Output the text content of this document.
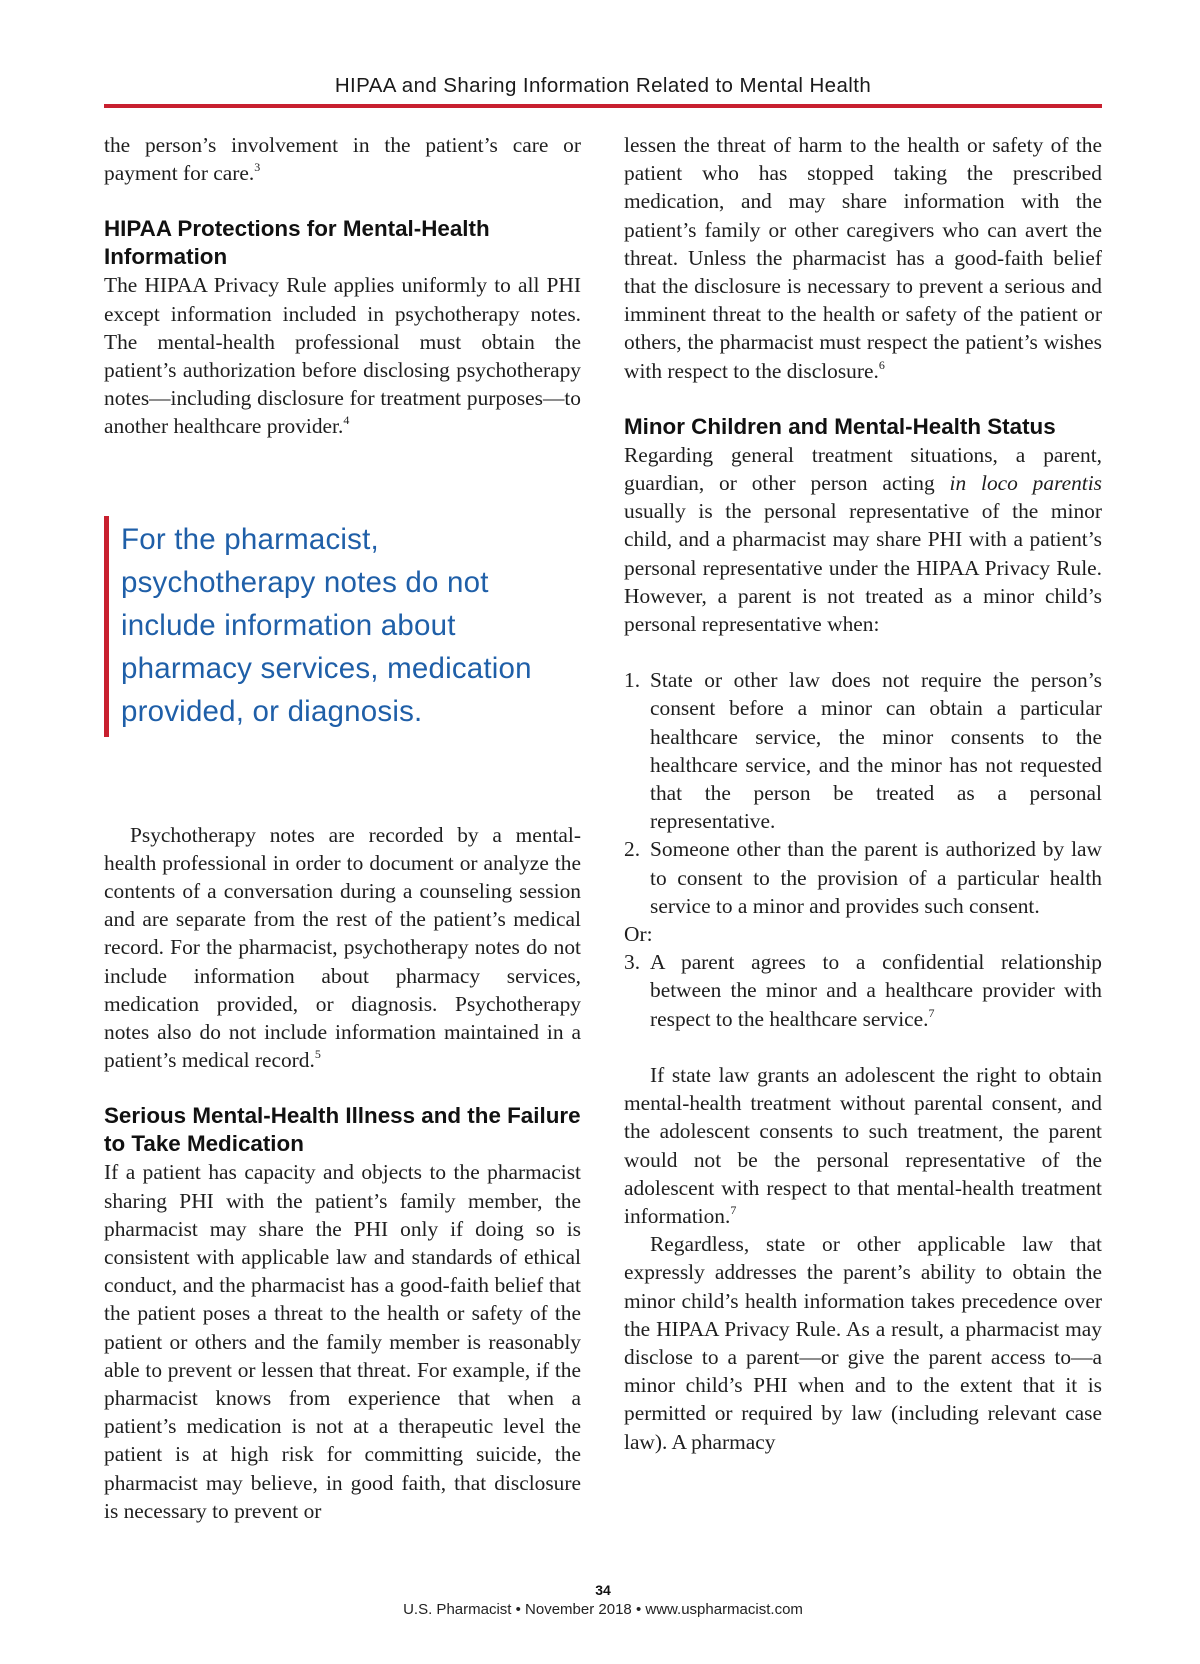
HIPAA and Sharing Information Related to Mental Health

the person’s involvement in the patient’s care or payment for care.$^3$

HIPAA Protections for Mental-Health Information

The HIPAA Privacy Rule applies uniformly to all PHI except information included in psychotherapy notes. The mental-health professional must obtain the patient’s authorization before disclosing psychotherapy notes—including disclosure for treatment purposes—to another healthcare provider.$^4$

For the pharmacist, psychotherapy notes do not include information about pharmacy services, medication provided, or diagnosis.

Psychotherapy notes are recorded by a mental-health professional in order to document or analyze the contents of a conversation during a counseling session and are separate from the rest of the patient’s medical record. For the pharmacist, psychotherapy notes do not include information about pharmacy services, medication provided, or diagnosis. Psychotherapy notes also do not include information maintained in a patient’s medical record.$^5$

Serious Mental-Health Illness and the Failure to Take Medication

If a patient has capacity and objects to the pharmacist sharing PHI with the patient’s family member, the pharmacist may share the PHI only if doing so is consistent with applicable law and standards of ethical conduct, and the pharmacist has a good-faith belief that the patient poses a threat to the health or safety of the patient or others and the family member is reasonably able to prevent or lessen that threat. For example, if the pharmacist knows from experience that when a patient’s medication is not at a therapeutic level the patient is at high risk for committing suicide, the pharmacist may believe, in good faith, that disclosure is necessary to prevent or

lessen the threat of harm to the health or safety of the patient who has stopped taking the prescribed medication, and may share information with the patient’s family or other caregivers who can avert the threat. Unless the pharmacist has a good-faith belief that the disclosure is necessary to prevent a serious and imminent threat to the health or safety of the patient or others, the pharmacist must respect the patient’s wishes with respect to the disclosure.$^6$

Minor Children and Mental-Health Status

Regarding general treatment situations, a parent, guardian, or other person acting in loco parentis usually is the personal representative of the minor child, and a pharmacist may share PHI with a patient’s personal representative under the HIPAA Privacy Rule. However, a parent is not treated as a minor child’s personal representative when:

1. State or other law does not require the person’s consent before a minor can obtain a particular healthcare service, the minor consents to the healthcare service, and the minor has not requested that the person be treated as a personal representative.
2. Someone other than the parent is authorized by law to consent to the provision of a particular health service to a minor and provides such consent.

Or:

3. A parent agrees to a confidential relationship between the minor and a healthcare provider with respect to the healthcare service.$^7$

If state law grants an adolescent the right to obtain mental-health treatment without parental consent, and the adolescent consents to such treatment, the parent would not be the personal representative of the adolescent with respect to that mental-health treatment information.$^7$

Regardless, state or other applicable law that expressly addresses the parent’s ability to obtain the minor child’s health information takes precedence over the HIPAA Privacy Rule. As a result, a pharmacist may disclose to a parent—or give the parent access to—a minor child’s PHI when and to the extent that it is permitted or required by law (including relevant case law). A pharmacy

34
U.S. Pharmacist • November 2018 • www.uspharmacist.com
